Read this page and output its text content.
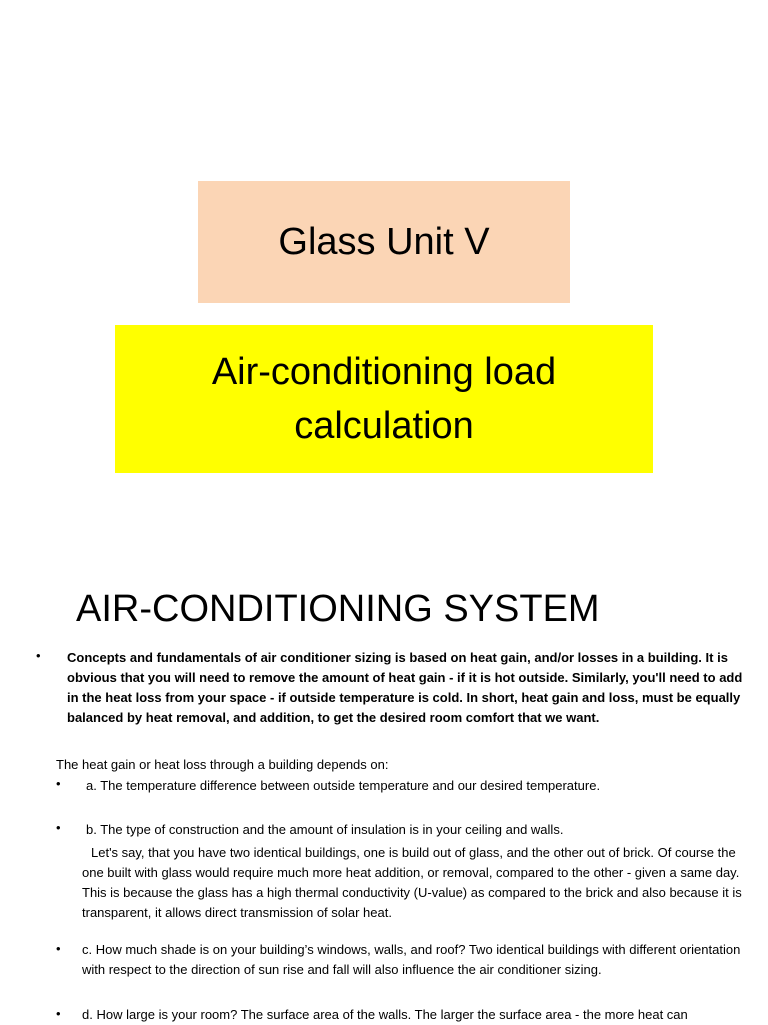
Glass Unit V
Air-conditioning load calculation
AIR-CONDITIONING SYSTEM
• Concepts and fundamentals of air conditioner sizing is based on heat gain, and/or losses in a building. It is obvious that you will need to remove the amount of heat gain - if it is hot outside. Similarly, you'll need to add in the heat loss from your space - if outside temperature is cold. In short, heat gain and loss, must be equally balanced by heat removal, and addition, to get the desired room comfort that we want.
The heat gain or heat loss through a building depends on:
• a. The temperature difference between outside temperature and our desired temperature.
• b. The type of construction and the amount of insulation is in your ceiling and walls.
Let's say, that you have two identical buildings, one is build out of glass, and the other out of brick. Of course the one built with glass would require much more heat addition, or removal, compared to the other - given a same day. This is because the glass has a high thermal conductivity (U-value) as compared to the brick and also because it is transparent, it allows direct transmission of solar heat.
• c. How much shade is on your building’s windows, walls, and roof? Two identical buildings with different orientation with respect to the direction of sun rise and fall will also influence the air conditioner sizing.
• d. How large is your room? The surface area of the walls. The larger the surface area - the more heat can
